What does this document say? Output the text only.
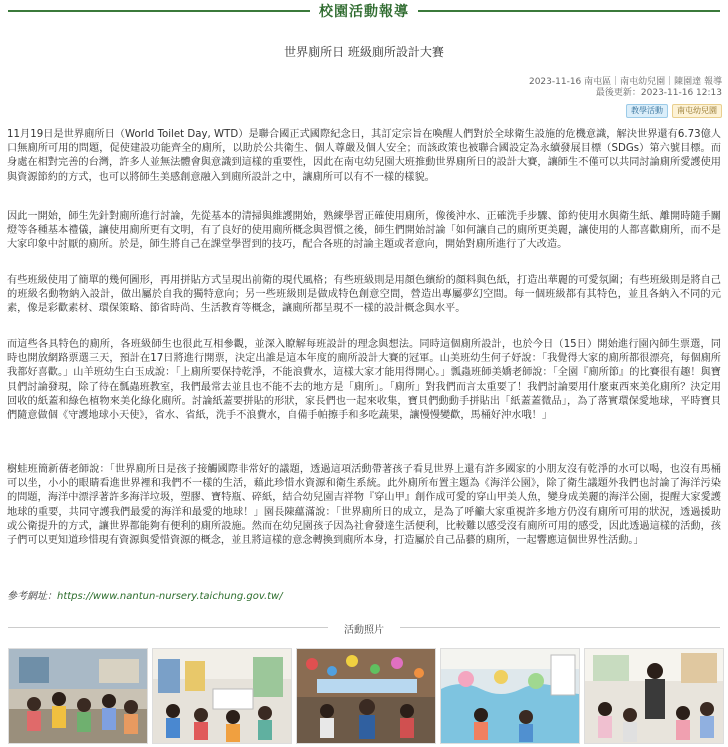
校園活動報導
世界廁所日 班級廁所設計大賽
2023-11-16 南屯區｜南屯幼兒園｜陳園達 報導
最後更新：2023-11-16 12:13
教學活動	南屯幼兒園
11月19日是世界廁所日（World Toilet Day, WTD）是聯合國正式國際紀念日，其訂定宗旨在喚醒人們對於全球衛生設施的危機意識，解決世界還有6.73億人口無廁所可用的問題，促使建設功能齊全的廁所，以助於公共衛生、個人尊嚴及個人安全；而該政策也被聯合國設定為永續發展目標（SDGs）第六號目標。而身處在相對完善的台灣，許多人並無法體會與意識到這樣的重要性，因此在南屯幼兒園大班推動世界廁所日的設計大賽，讓師生不僅可以共同討論廁所愛護使用與資源節約的方式，也可以將師生美感創意融入到廁所設計之中，讓廁所可以有不一樣的樣貌。
因此一開始，師生先針對廁所進行討論，先從基本的清掃與維護開始，熟練學習正確使用廁所，像後沖水、正確洗手步驟、節約使用水與衛生紙、離開時隨手關燈等各種基本禮儀，讓使用廁所更有文明，有了良好的使用廁所概念與習慣之後，師生們開始討論「如何讓自己的廁所更美麗，讓使用的人都喜歡廁所，而不是大家印象中討厭的廁所。於是，師生將自己在課堂學習到的技巧，配合各班的討論主題或者意向，開始對廁所進行了大改造。
有些班級使用了簡單的幾何圖形，再用拼貼方式呈現出前衛的現代風格；有些班級則是用顏色繽紛的顏料與色紙，打造出華麗的可愛氛圍；有些班級則是將自己的班級名動物納入設計，做出屬於自我的獨特意向；另一些班級則是做成特色創意空間，營造出專屬夢幻空間。每一個班級都有其特色，並且各納入不同的元素，像是彩歡素材、環保策略、節省時尚、生活教育等概念，讓廁所都呈現不一樣的設計概念與水平。
而這些各具特色的廁所，各班級師生也很此互相參觀，並深入瞭解每班設計的理念與想法。同時這個廁所設計，也於今日（15日）開始進行園內師生票選，同時也開放網路票選三天，預計在17日將進行開票，決定出誰是這本年度的廁所設計大賽的冠軍。山美班幼生何子妤說：「我覺得大家的廁所都很漂亮，每個廁所我都好喜歡。」山羊班幼生白玉成說：「上廁所要保持乾淨，不能浪費水，這樣大家才能用得開心。」瓢蟲班師美嬌老師說：「全園『廁所節』的比賽很有趣！與寶貝們討論發現，除了待在瓢蟲班教室，我們最常去並且也不能不去的地方是「廁所」。「廁所」對我們而言太重要了！我們討論要用什麼東西來美化廁所？決定用回收的紙蓋和綠色植物來美化綠化廁所。討論紙蓋要拼貼的形狀，家長們也一起來收集，寶貝們動動手拼貼出「紙蓋蓋微品」，為了落實環保愛地球，平時寶貝們隨意做個《守護地球小天使》，省水、省紙，洗手不浪費水，自備手帕擦手和多吃蔬果，讓慢慢變歡，馬桶好沖水哦！」
樹蛙班簡新蒨老師說：「世界廁所日是孩子接觸國際非常好的議題，透過這項活動帶著孩子看見世界上還有許多國家的小朋友沒有乾淨的水可以喝，也沒有馬桶可以坐，小小的眼睛看進世界裡和我們不一樣的生活，藉此珍惜水資源和衛生系統。此外廁所布置主題為《海洋公園》，除了衛生議題外我們也討論了海洋污染的問題，海洋中漂浮著許多海洋垃圾，塑膠、寶特瓶、碎紙，結合幼兒園吉祥物『穿山甲』創作成可愛的穿山甲美人魚，變身成美麗的海洋公園，提醒大家愛護地球的重要，共同守護我們最愛的海洋和最愛的地球！」園長陳蘊滿說：「世界廁所日的成立，是為了呼籲大家重視許多地方仍沒有廁所可用的狀況，透過援助或公衛提升的方式，讓世界都能夠有便利的廁所設施。然而在幼兒園孩子因為社會發達生活便利，比較難以感受沒有廁所可用的感受，因此透過這樣的活動，孩子們可以更知道珍惜現有資源與愛惜資源的概念，並且將這樣的意念轉換到廁所本身，打造屬於自己品藝的廁所，一起響應這個世界性活動。」
參考網址：https://www.nantun-nursery.taichung.gov.tw/
活動照片
